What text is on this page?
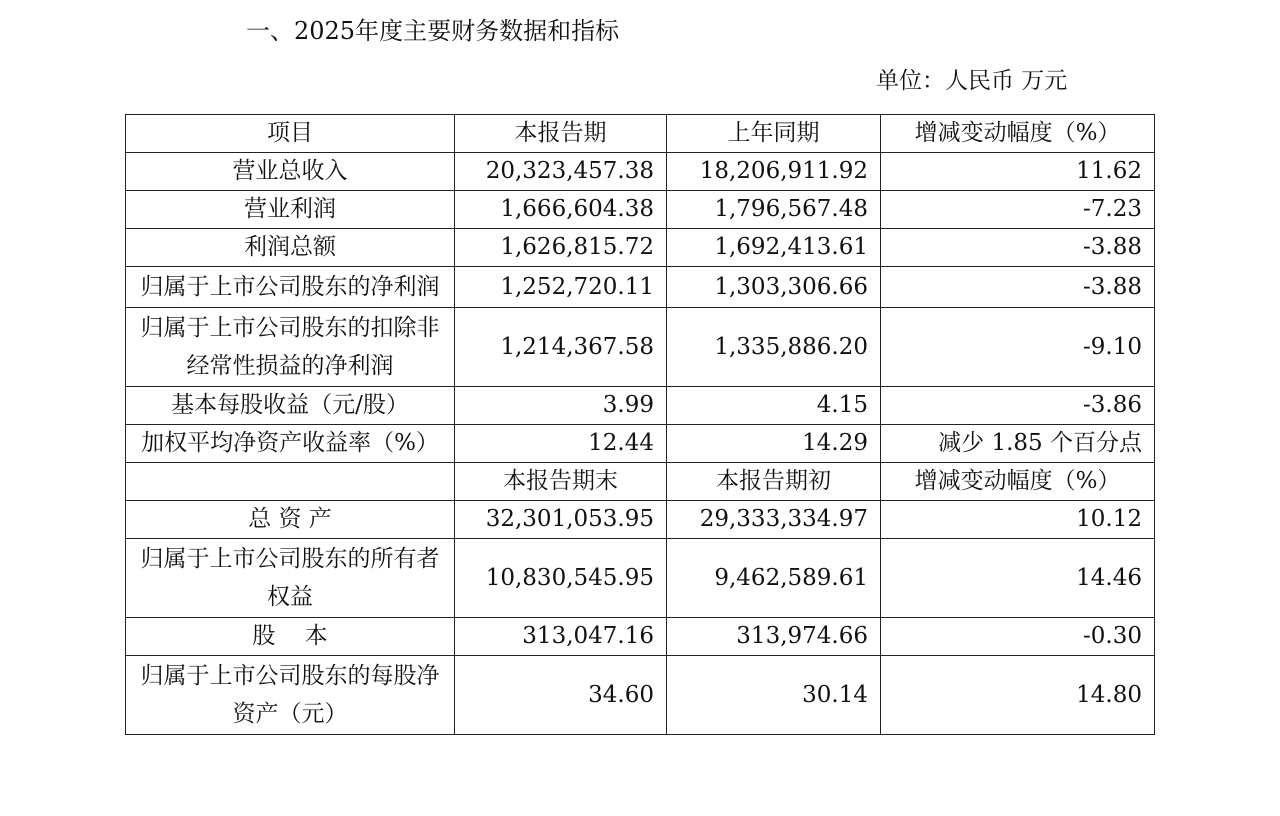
一、2025年度主要财务数据和指标
单位：人民币 万元
项目	本报告期	上年同期	增减变动幅度（%）
营业总收入	20,323,457.38	18,206,911.92	11.62
营业利润	1,666,604.38	1,796,567.48	-7.23
利润总额	1,626,815.72	1,692,413.61	-3.88
归属于上市公司股东的净利润	1,252,720.11	1,303,306.66	-3.88
归属于上市公司股东的扣除非经常性损益的净利润	1,214,367.58	1,335,886.20	-9.10
基本每股收益（元/股）	3.99	4.15	-3.86
加权平均净资产收益率（%）	12.44	14.29	减少 1.85 个百分点
	本报告期末	本报告期初	增减变动幅度（%）
总 资 产	32,301,053.95	29,333,334.97	10.12
归属于上市公司股东的所有者权益	10,830,545.95	9,462,589.61	14.46
股    本	313,047.16	313,974.66	-0.30
归属于上市公司股东的每股净资产（元）	34.60	30.14	14.80
